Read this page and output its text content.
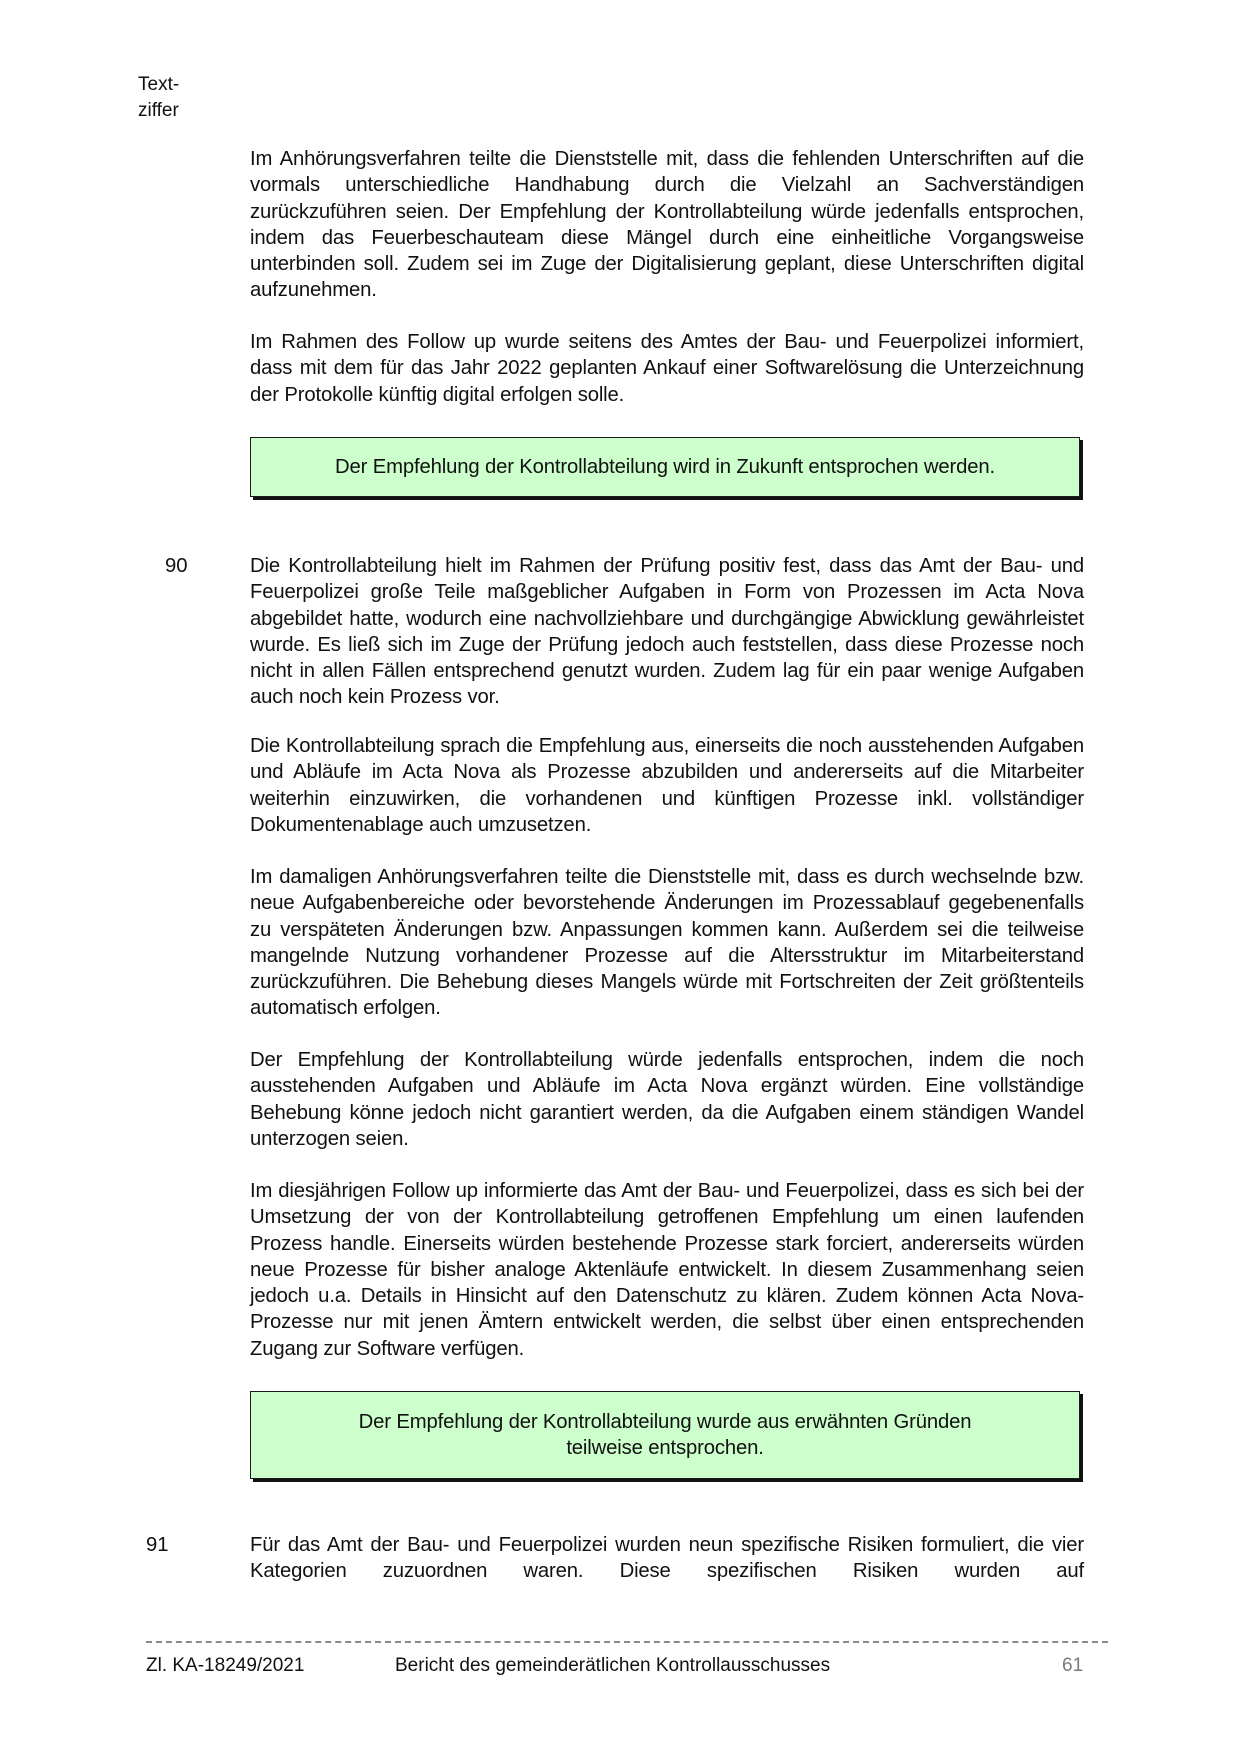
Text-
ziffer

Im Anhörungsverfahren teilte die Dienststelle mit, dass die fehlenden Unterschriften auf die vormals unterschiedliche Handhabung durch die Vielzahl an Sachverständigen zurückzuführen seien. Der Empfehlung der Kontrollabteilung würde jedenfalls entsprochen, indem das Feuerbeschauteam diese Mängel durch eine einheitliche Vorgangsweise unterbinden soll. Zudem sei im Zuge der Digitalisierung geplant, diese Unterschriften digital aufzunehmen.

Im Rahmen des Follow up wurde seitens des Amtes der Bau- und Feuerpolizei informiert, dass mit dem für das Jahr 2022 geplanten Ankauf einer Softwarelösung die Unterzeichnung der Protokolle künftig digital erfolgen solle.

Der Empfehlung der Kontrollabteilung wird in Zukunft entsprochen werden.
90	Die Kontrollabteilung hielt im Rahmen der Prüfung positiv fest, dass das Amt der Bau- und Feuerpolizei große Teile maßgeblicher Aufgaben in Form von Prozessen im Acta Nova abgebildet hatte, wodurch eine nachvollziehbare und durchgängige Abwicklung gewährleistet wurde. Es ließ sich im Zuge der Prüfung jedoch auch feststellen, dass diese Prozesse noch nicht in allen Fällen entsprechend genutzt wurden. Zudem lag für ein paar wenige Aufgaben auch noch kein Prozess vor.

Die Kontrollabteilung sprach die Empfehlung aus, einerseits die noch ausstehenden Aufgaben und Abläufe im Acta Nova als Prozesse abzubilden und andererseits auf die Mitarbeiter weiterhin einzuwirken, die vorhandenen und künftigen Prozesse inkl. vollständiger Dokumentenablage auch umzusetzen.

Im damaligen Anhörungsverfahren teilte die Dienststelle mit, dass es durch wechselnde bzw. neue Aufgabenbereiche oder bevorstehende Änderungen im Prozessablauf gegebenenfalls zu verspäteten Änderungen bzw. Anpassungen kommen kann. Außerdem sei die teilweise mangelnde Nutzung vorhandener Prozesse auf die Altersstruktur im Mitarbeiterstand zurückzuführen. Die Behebung dieses Mangels würde mit Fortschreiten der Zeit größtenteils automatisch erfolgen.

Der Empfehlung der Kontrollabteilung würde jedenfalls entsprochen, indem die noch ausstehenden Aufgaben und Abläufe im Acta Nova ergänzt würden. Eine vollständige Behebung könne jedoch nicht garantiert werden, da die Aufgaben einem ständigen Wandel unterzogen seien.

Im diesjährigen Follow up informierte das Amt der Bau- und Feuerpolizei, dass es sich bei der Umsetzung der von der Kontrollabteilung getroffenen Empfehlung um einen laufenden Prozess handle. Einerseits würden bestehende Prozesse stark forciert, andererseits würden neue Prozesse für bisher analoge Aktenläufe entwickelt. In diesem Zusammenhang seien jedoch u.a. Details in Hinsicht auf den Datenschutz zu klären. Zudem können Acta Nova-Prozesse nur mit jenen Ämtern entwickelt werden, die selbst über einen entsprechenden Zugang zur Software verfügen.

Der Empfehlung der Kontrollabteilung wurde aus erwähnten Gründen
teilweise entsprochen.
91	Für das Amt der Bau- und Feuerpolizei wurden neun spezifische Risiken formuliert, die vier Kategorien zuzuordnen waren. Diese spezifischen Risiken wurden auf

Zl. KA-18249/2021	Bericht des gemeinderätlichen Kontrollausschusses	61
